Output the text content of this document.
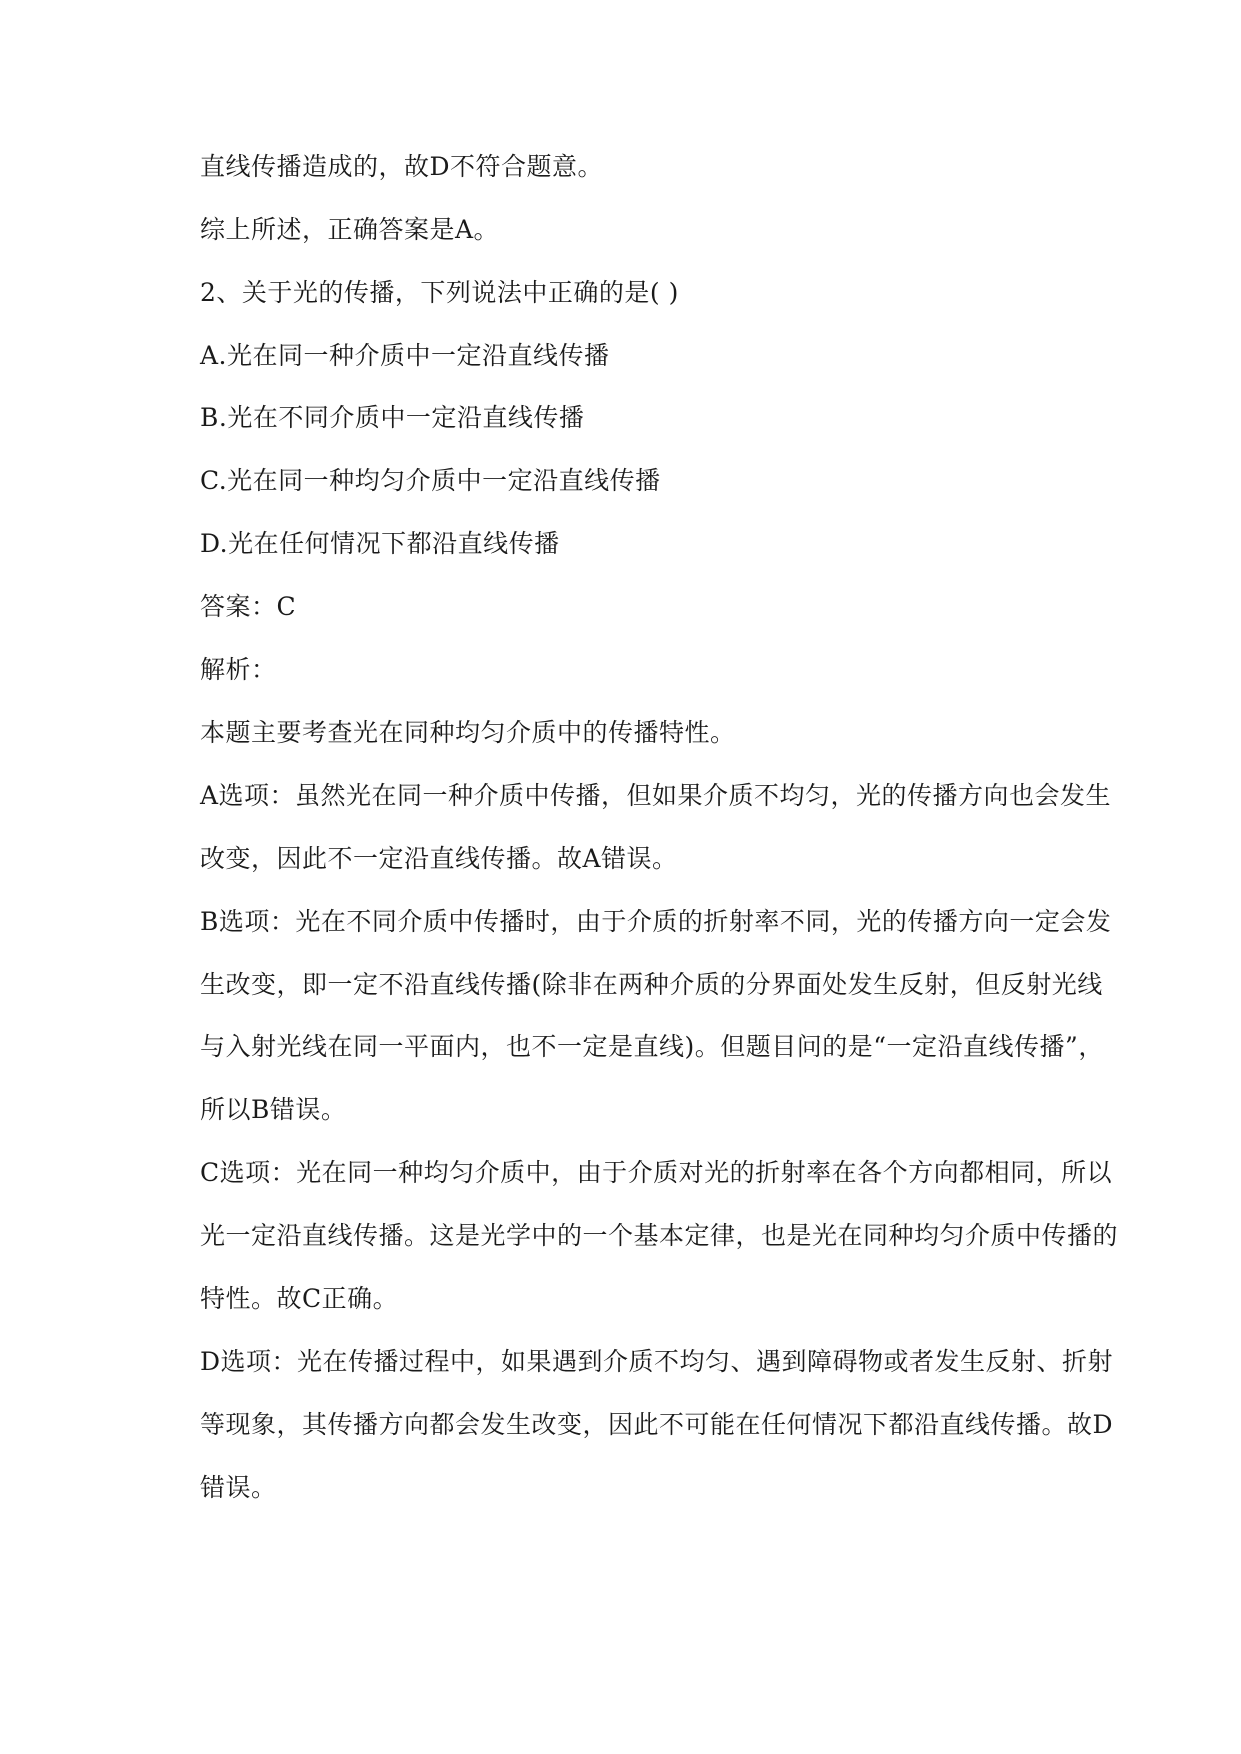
直线传播造成的，故D不符合题意。
综上所述，正确答案是A。
2、关于光的传播，下列说法中正确的是( )
A.光在同一种介质中一定沿直线传播
B.光在不同介质中一定沿直线传播
C.光在同一种均匀介质中一定沿直线传播
D.光在任何情况下都沿直线传播
答案：C
解析：
本题主要考查光在同种均匀介质中的传播特性。
A选项：虽然光在同一种介质中传播，但如果介质不均匀，光的传播方向也会发生
改变，因此不一定沿直线传播。故A错误。
B选项：光在不同介质中传播时，由于介质的折射率不同，光的传播方向一定会发
生改变，即一定不沿直线传播(除非在两种介质的分界面处发生反射，但反射光线
与入射光线在同一平面内，也不一定是直线)。但题目问的是“一定沿直线传播”，
所以B错误。
C选项：光在同一种均匀介质中，由于介质对光的折射率在各个方向都相同，所以
光一定沿直线传播。这是光学中的一个基本定律，也是光在同种均匀介质中传播的
特性。故C正确。
D选项：光在传播过程中，如果遇到介质不均匀、遇到障碍物或者发生反射、折射
等现象，其传播方向都会发生改变，因此不可能在任何情况下都沿直线传播。故D
错误。
